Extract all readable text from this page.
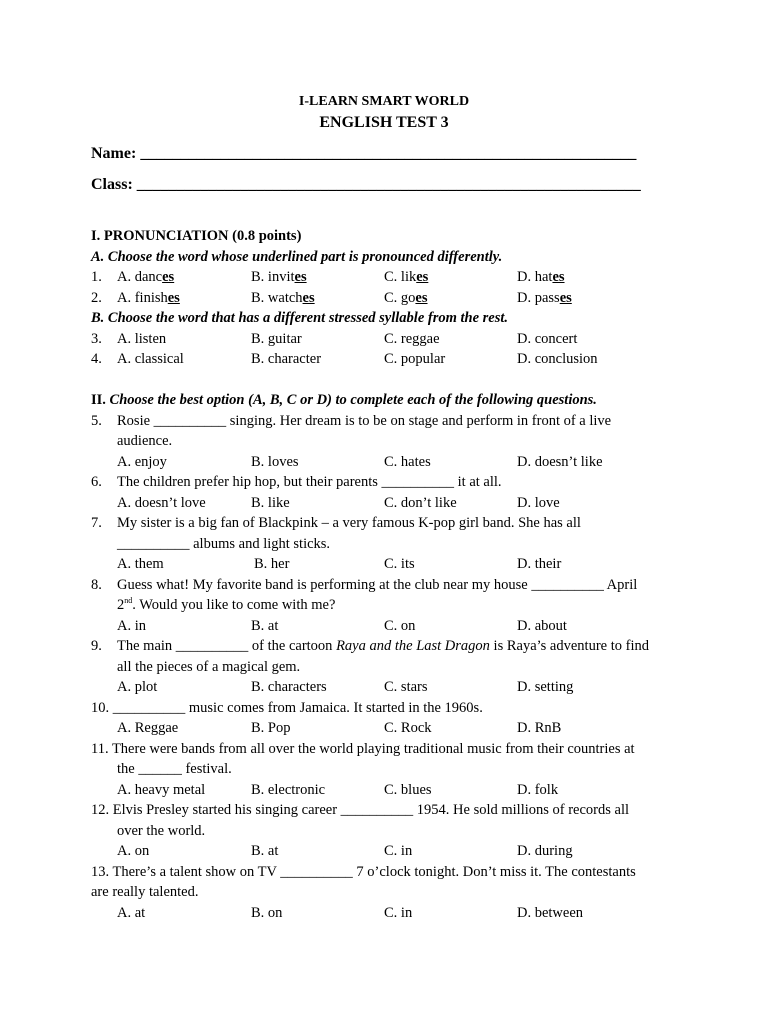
I-LEARN SMART WORLD
ENGLISH TEST 3
Name: ______________________________________________________________
Class: _______________________________________________________________
I. PRONUNCIATION (0.8 points)
A. Choose the word whose underlined part is pronounced differently.
1. A. dances	B. invites	C. likes	D. hates
2. A. finishes	B. watches	C. goes	D. passes
B. Choose the word that has a different stressed syllable from the rest.
3. A. listen	B. guitar	C. reggae	D. concert
4. A. classical	B. character	C. popular	D. conclusion
II. Choose the best option (A, B, C or D) to complete each of the following questions.
5. Rosie __________ singing. Her dream is to be on stage and perform in front of a live
audience.
A. enjoy	B. loves	C. hates	D. doesn’t like
6. The children prefer hip hop, but their parents __________ it at all.
A. doesn’t love	B. like	C. don’t like	D. love
7. My sister is a big fan of Blackpink – a very famous K-pop girl band. She has all
__________ albums and light sticks.
A. them	B. her	C. its	D. their
8. Guess what! My favorite band is performing at the club near my house __________ April
2nd. Would you like to come with me?
A. in	B. at	C. on	D. about
9. The main __________ of the cartoon Raya and the Last Dragon is Raya’s adventure to find
all the pieces of a magical gem.
A. plot	B. characters	C. stars	D. setting
10. __________ music comes from Jamaica. It started in the 1960s.
A. Reggae	B. Pop	C. Rock	D. RnB
11. There were bands from all over the world playing traditional music from their countries at
the ______ festival.
A. heavy metal	B. electronic	C. blues	D. folk
12. Elvis Presley started his singing career __________ 1954. He sold millions of records all
over the world.
A. on	B. at	C. in	D. during
13. There’s a talent show on TV __________ 7 o’clock tonight. Don’t miss it. The contestants
are really talented.
A. at	B. on	C. in	D. between
